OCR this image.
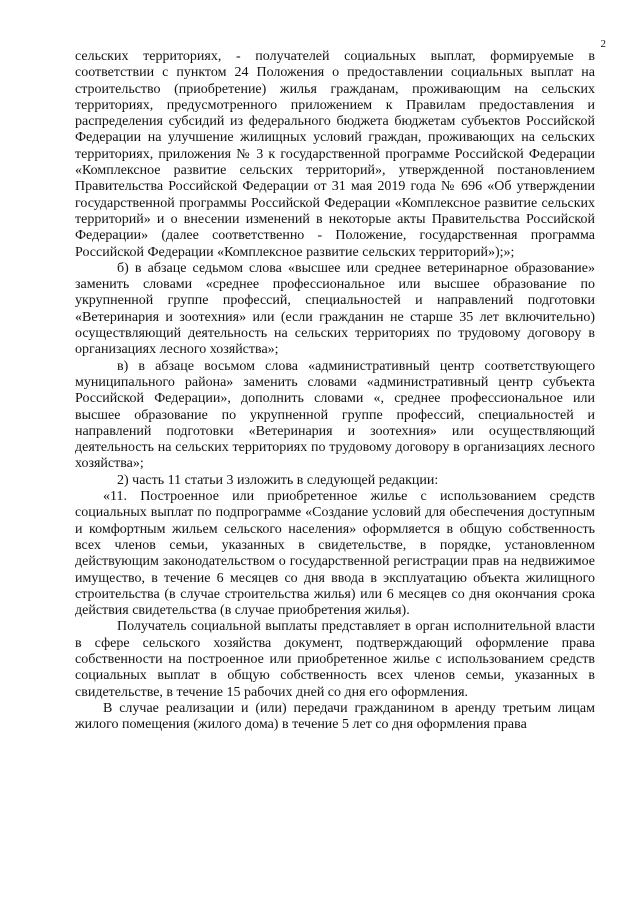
2

сельских территориях, - получателей социальных выплат, формируемые в соответствии с пунктом 24 Положения о предоставлении социальных выплат на строительство (приобретение) жилья гражданам, проживающим на сельских территориях, предусмотренного приложением к Правилам предоставления и распределения субсидий из федерального бюджета бюджетам субъектов Российской Федерации на улучшение жилищных условий граждан, проживающих на сельских территориях, приложения № 3 к государственной программе Российской Федерации «Комплексное развитие сельских территорий», утвержденной постановлением Правительства Российской Федерации от 31 мая 2019 года № 696 «Об утверждении государственной программы Российской Федерации «Комплексное развитие сельских территорий» и о внесении изменений в некоторые акты Правительства Российской Федерации» (далее соответственно - Положение, государственная программа Российской Федерации «Комплексное развитие сельских территорий»);»;

б) в абзаце седьмом слова «высшее или среднее ветеринарное образование» заменить словами «среднее профессиональное или высшее образование по укрупненной группе профессий, специальностей и направлений подготовки «Ветеринария и зоотехния» или (если гражданин не старше 35 лет включительно) осуществляющий деятельность на сельских территориях по трудовому договору в организациях лесного хозяйства»;

в) в абзаце восьмом слова «административный центр соответствующего муниципального района» заменить словами «административный центр субъекта Российской Федерации», дополнить словами «, среднее профессиональное или высшее образование по укрупненной группе профессий, специальностей и направлений подготовки «Ветеринария и зоотехния» или осуществляющий деятельность на сельских территориях по трудовому договору в организациях лесного хозяйства»;

2) часть 11 статьи 3 изложить в следующей редакции:

«11. Построенное или приобретенное жилье с использованием средств социальных выплат по подпрограмме «Создание условий для обеспечения доступным и комфортным жильем сельского населения» оформляется в общую собственность всех членов семьи, указанных в свидетельстве, в порядке, установленном действующим законодательством о государственной регистрации прав на недвижимое имущество, в течение 6 месяцев со дня ввода в эксплуатацию объекта жилищного строительства (в случае строительства жилья) или 6 месяцев со дня окончания срока действия свидетельства (в случае приобретения жилья).

Получатель социальной выплаты представляет в орган исполнительной власти в сфере сельского хозяйства документ, подтверждающий оформление права собственности на построенное или приобретенное жилье с использованием средств социальных выплат в общую собственность всех членов семьи, указанных в свидетельстве, в течение 15 рабочих дней со дня его оформления.

В случае реализации и (или) передачи гражданином в аренду третьим лицам жилого помещения (жилого дома) в течение 5 лет со дня оформления права
